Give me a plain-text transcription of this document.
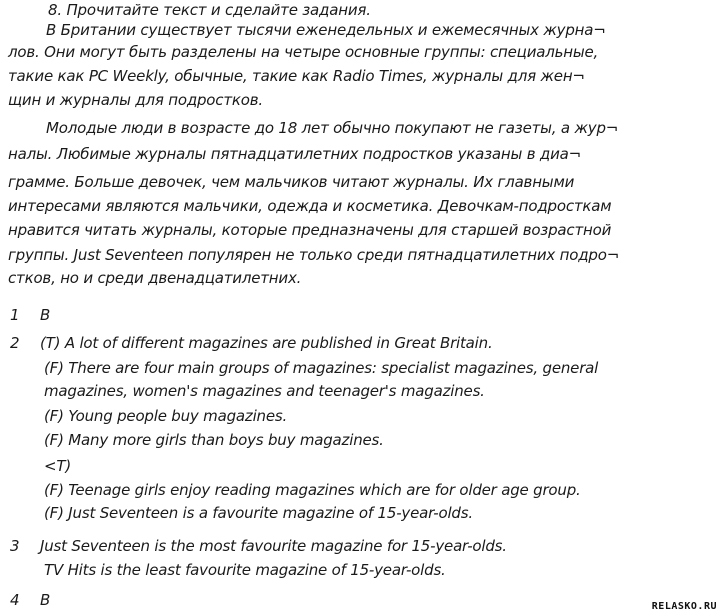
8. Прочитайте текст и сделайте задания.
В Британии существует тысячи еженедельных и ежемесячных журна¬
лов. Они могут быть разделены на четыре основные группы: специальные,
такие как PC Weekly, обычные, такие как Radio Times, журналы для жен¬
щин и журналы для подростков.
Молодые люди в возрасте до 18 лет обычно покупают не газеты, а жур¬
налы. Любимые журналы пятнадцатилетних подростков указаны в диа¬
грамме. Больше девочек, чем мальчиков читают журналы. Их главными
интересами являются мальчики, одежда и косметика. Девочкам-подросткам
нравится читать журналы, которые предназначены для старшей возрастной
группы. Just Seventeen популярен не только среди пятнадцатилетних подро¬
стков, но и среди двенадцатилетних.
1 В
2 (T) A lot of different magazines are published in Great Britain.
(F) There are four main groups of magazines: specialist magazines, general
magazines, women's magazines and teenager's magazines.
(F) Young people buy magazines.
(F) Many more girls than boys buy magazines.
<T)
(F) Teenage girls enjoy reading magazines which are for older age group.
(F) Just Seventeen is a favourite magazine of 15-year-olds.
3 Just Seventeen is the most favourite magazine for 15-year-olds.
TV Hits is the least favourite magazine of 15-year-olds.
4 В	RELASKO.RU
